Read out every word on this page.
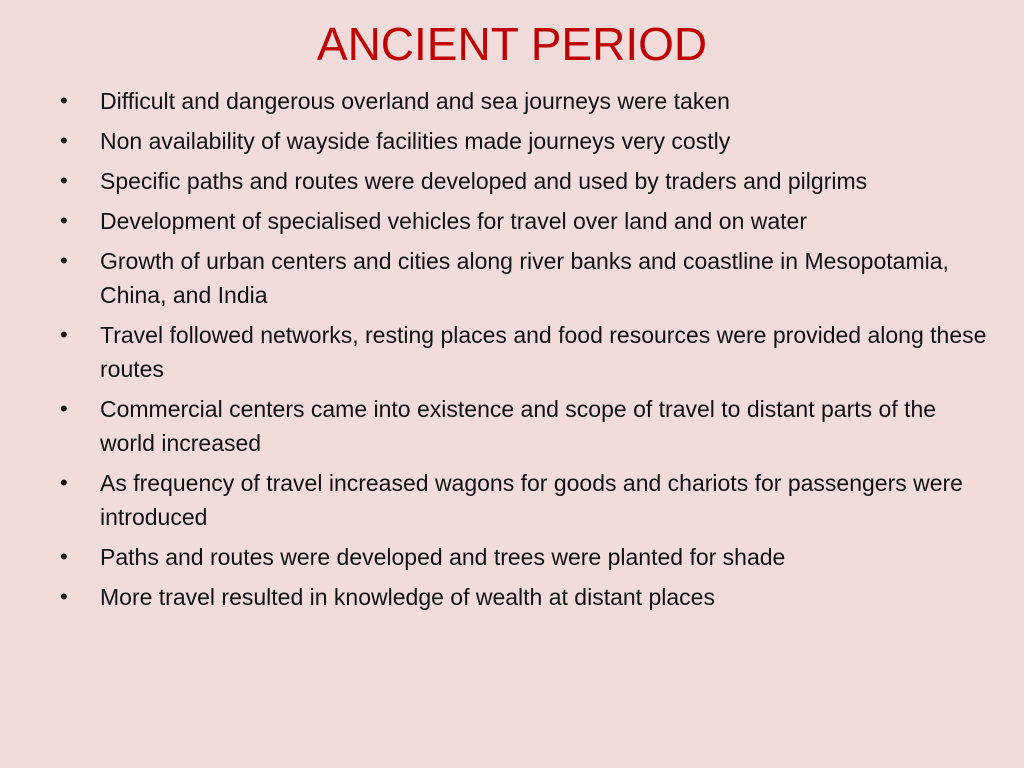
ANCIENT PERIOD
• Difficult and dangerous overland and sea journeys were taken
• Non availability of wayside facilities made journeys very costly
• Specific paths and routes were developed and used by traders and pilgrims
• Development of specialised vehicles for travel over land and on water
• Growth of urban centers and cities along river banks and coastline in Mesopotamia, China, and India
• Travel followed networks, resting places and food resources were provided along these routes
• Commercial centers came into existence and scope of travel to distant parts of the world increased
• As frequency of travel increased wagons for goods and chariots for passengers were introduced
• Paths and routes were developed and trees were planted for shade
• More travel resulted in knowledge of wealth at distant places
